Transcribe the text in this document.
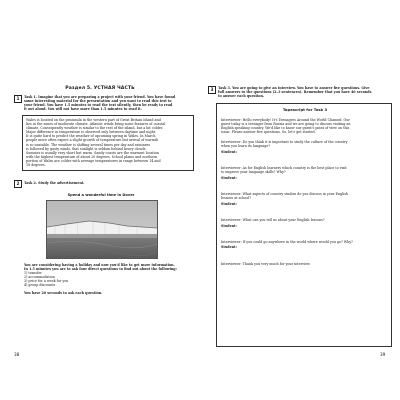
Раздел 5. УСТНАЯ ЧАСТЬ
1	Task 1. Imagine that you are preparing a project with your friend. You have found
some interesting material for the presentation and you want to read this text to
your friend. You have 1.5 minutes to read the text silently, then be ready to read
it out aloud. You will not have more than 1.5 minutes to read it.
Wales is located on the peninsula in the western part of Great Britain Island and
lies in the zones of moderate climate. Atlantic winds bring some features of coastal
climate. Consequently weather is similar to the rest of the island, but a bit colder.
Major difference in temperature is observed only between daytime and night.
It is quite hard to predict the weather of upcoming spring in Wales. In March
people more often expect a slight growth of temperature but arrival of warmth
is so unstable. The weather is shifting several times per day and raininess
is followed by gusty winds, that sunlight is seldom behind heavy clouds.
Summer is usually very short but warm. Sandy coasts are the warmest location
with the highest temperature of about 20 degrees. School plains and northern
portion of Wales are colder with average temperatures in range between 14 and
18 degrees.
2	Task 2. Study the advertisement.
Spend a wonderful time in Dover
You are considering having a holiday and now you'd like to get more information.
In 1.5 minutes you are to ask four direct questions to find out about the following:
1) transfer
2) accommodation
3) price for a week for you
4) group discounts
You have 20 seconds to ask each question.
38
3	Task 3. You are going to give an interview. You have to answer five questions. Give
full answers to the questions (2–3 sentences). Remember that you have 40 seconds
to answer each question.
Tapescript for Task 3
Interviewer: Hello everybody! It's Teenagers Around the World Channel. Our
guest today is a teenager from Russia and we are going to discuss visiting an
English speaking country. We'd like to know our guest's point of view on this
issue. Please answer five questions. So, let's get started.
Interviewer: Do you think it is important to study the culture of the country
when you learn its language?
Student:
Interviewer: As for English learners which country is the best place to visit
to improve your language skills? Why?
Student:
Interviewer: What aspects of country studies do you discuss in your English
lessons at school?
Student:
Interviewer: What can you tell us about your English lessons?
Student:
Interviewer: If you could go anywhere in the world where would you go? Why?
Student:
Interviewer: Thank you very much for your interview.
39
